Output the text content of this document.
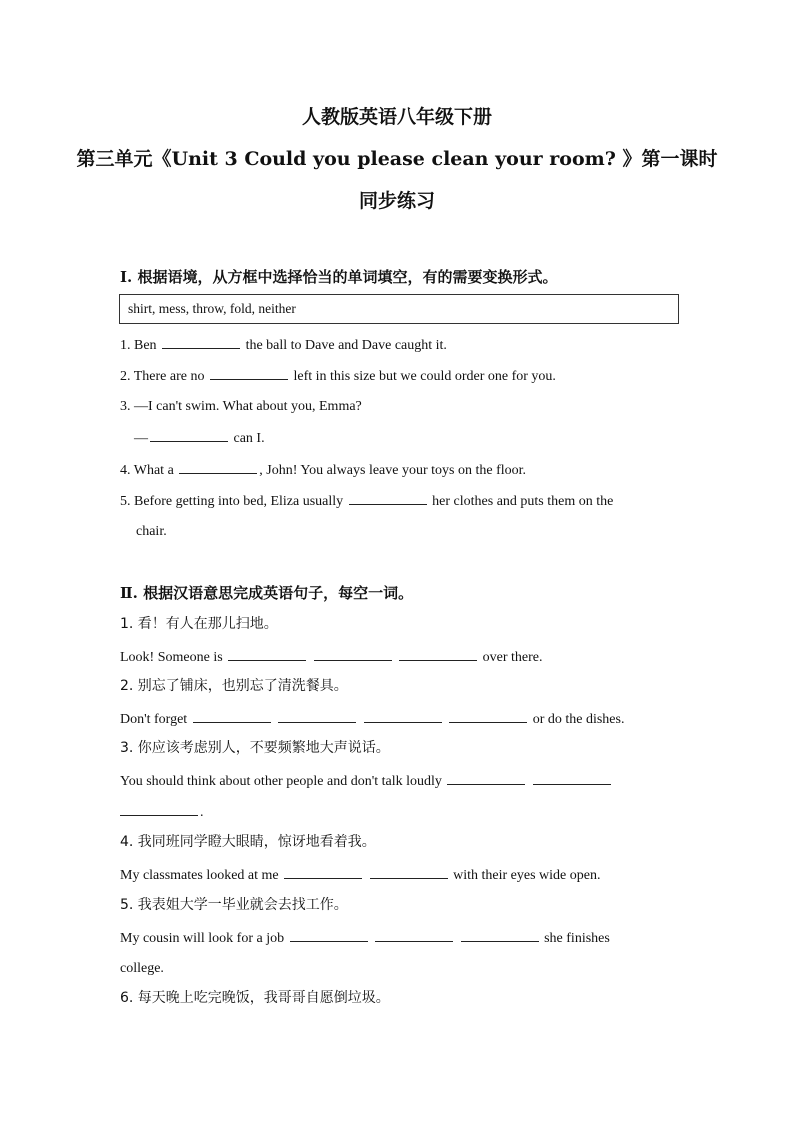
人教版英语八年级下册
第三单元《Unit 3 Could you please clean your room? 》第一课时
同步练习
Ⅰ. 根据语境，从方框中选择恰当的单词填空，有的需要变换形式。
shirt, mess, throw, fold, neither
1. Ben	the ball to Dave and Dave caught it.
2. There are no	left in this size but we could order one for you.
3. —I can't swim. What about you, Emma?
—	can I.
4. What a	, John! You always leave your toys on the floor.
5. Before getting into bed, Eliza usually	her clothes and puts them on the
chair.
Ⅱ. 根据汉语意思完成英语句子，每空一词。
1. 看！有人在那儿扫地。
Look! Someone is	over there.
2. 别忘了铺床，也别忘了清洗餐具。
Don't forget	or do the dishes.
3. 你应该考虑别人，不要频繁地大声说话。
You should think about other people and don't talk loudly
.
4. 我同班同学瞪大眼睛，惊讶地看着我。
My classmates looked at me	with their eyes wide open.
5. 我表姐大学一毕业就会去找工作。
My cousin will look for a job	she finishes
college.
6. 每天晚上吃完晚饭，我哥哥自愿倒垃圾。
